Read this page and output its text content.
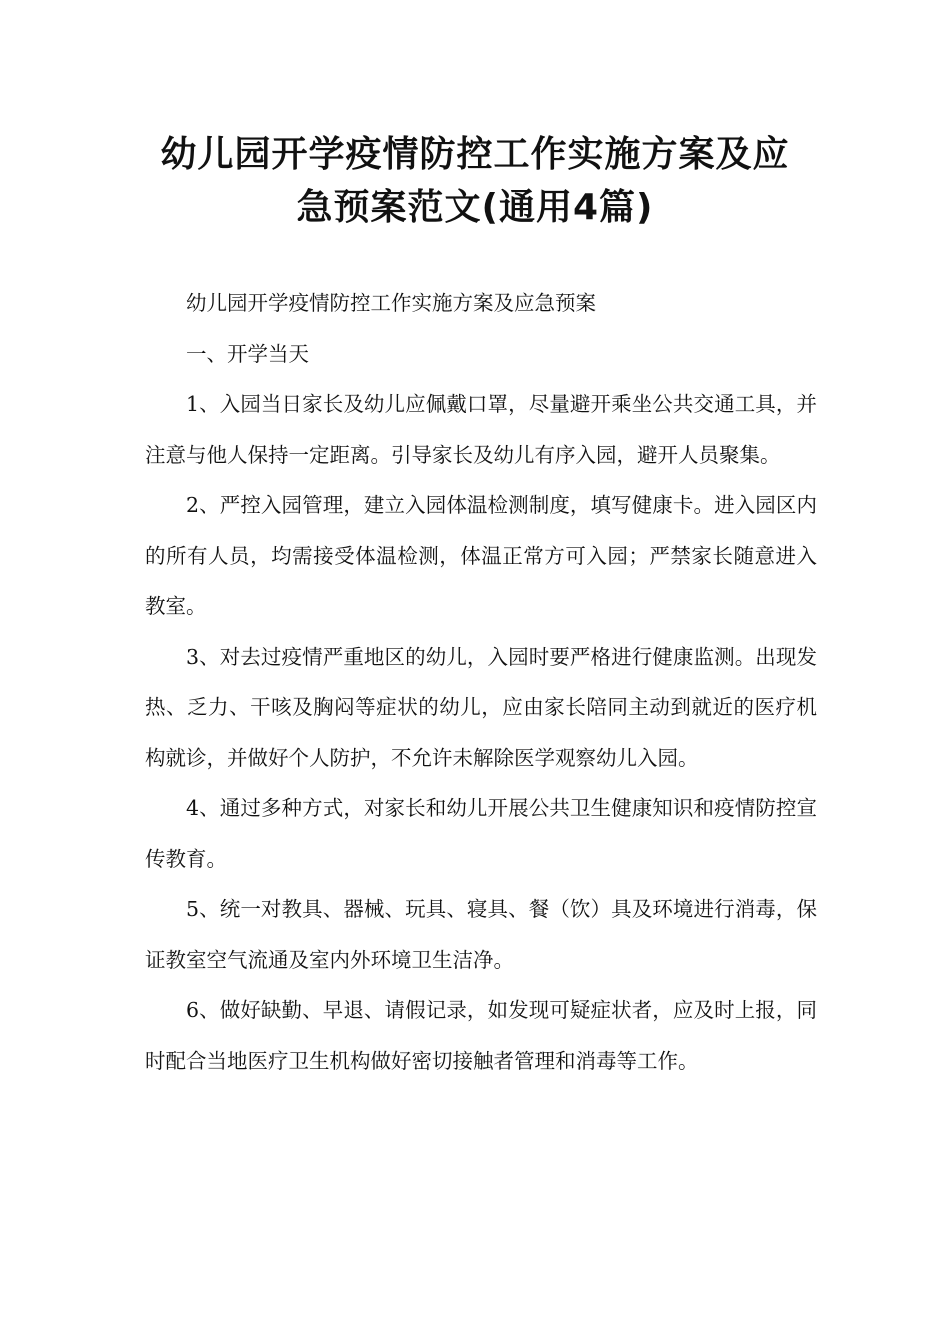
幼儿园开学疫情防控工作实施方案及应
急预案范文(通用4篇)

幼儿园开学疫情防控工作实施方案及应急预案

一、开学当天

1、入园当日家长及幼儿应佩戴口罩，尽量避开乘坐公共交通工具，并注意与他人保持一定距离。引导家长及幼儿有序入园，避开人员聚集。

2、严控入园管理，建立入园体温检测制度，填写健康卡。进入园区内的所有人员，均需接受体温检测，体温正常方可入园；严禁家长随意进入教室。

3、对去过疫情严重地区的幼儿，入园时要严格进行健康监测。出现发热、乏力、干咳及胸闷等症状的幼儿，应由家长陪同主动到就近的医疗机构就诊，并做好个人防护，不允许未解除医学观察幼儿入园。

4、通过多种方式，对家长和幼儿开展公共卫生健康知识和疫情防控宣传教育。

5、统一对教具、器械、玩具、寝具、餐（饮）具及环境进行消毒，保证教室空气流通及室内外环境卫生洁净。

6、做好缺勤、早退、请假记录，如发现可疑症状者，应及时上报，同时配合当地医疗卫生机构做好密切接触者管理和消毒等工作。
